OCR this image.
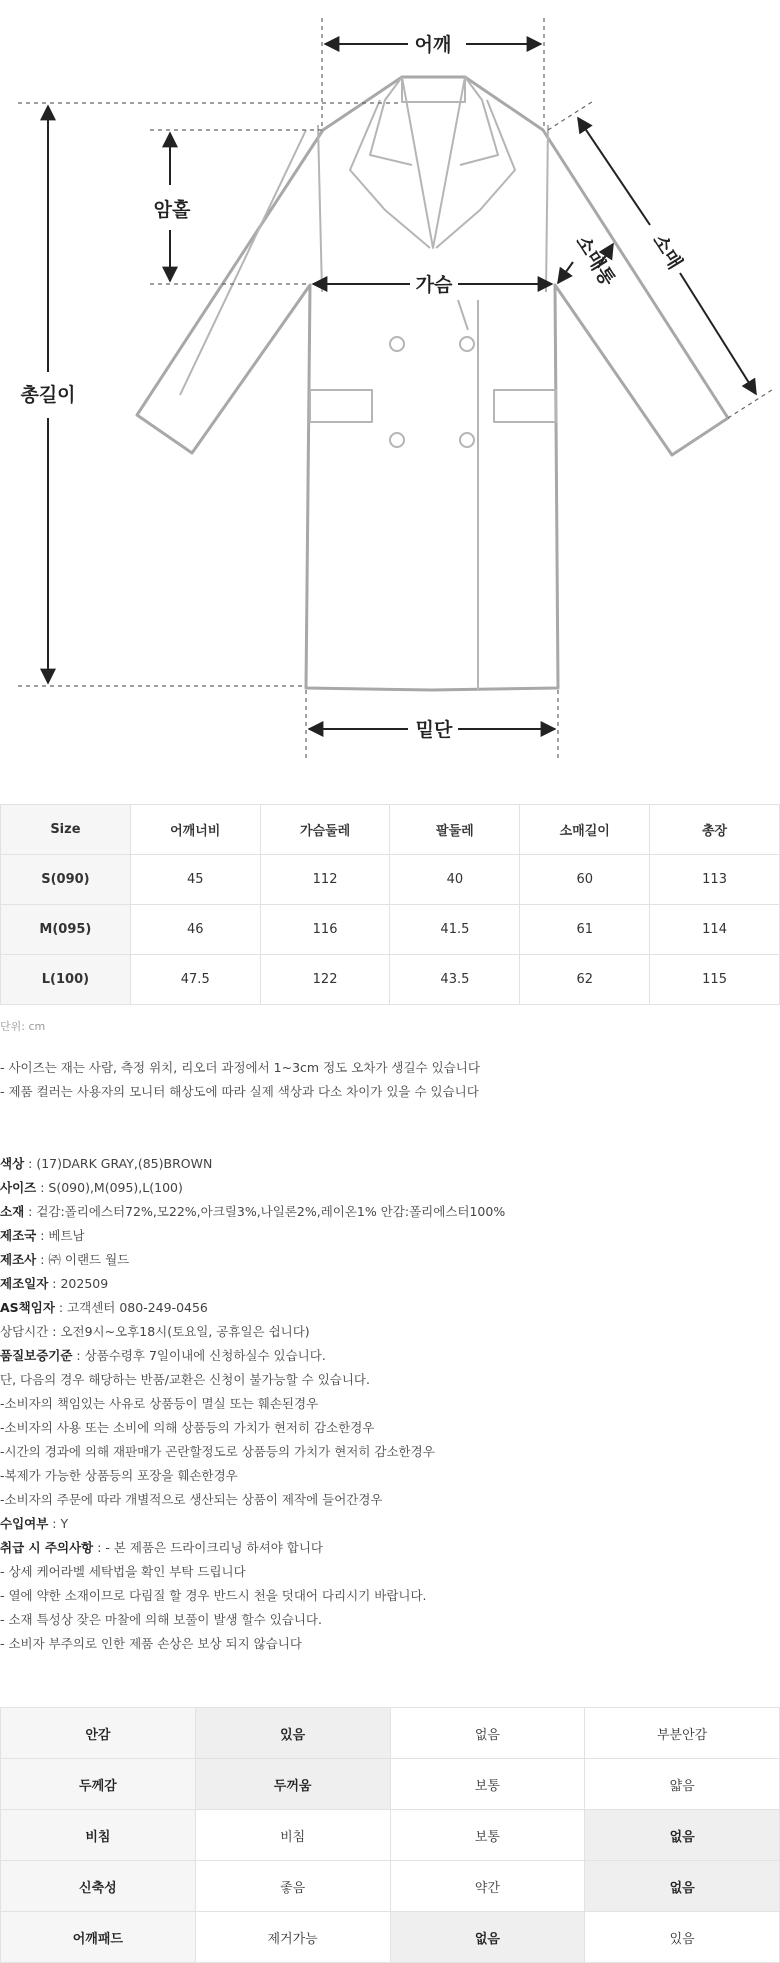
어깨
암홀
총길이
가슴	소매통 소매
밑단
Size	어깨너비	가슴둘레	팔둘레	소매길이	총장
S(090)	45	112	40	60	113
M(095)	46	116	41.5	61	114
L(100)	47.5	122	43.5	62	115
단위: cm
- 사이즈는 재는 사람, 측정 위치, 리오더 과정에서 1~3cm 정도 오차가 생길수 있습니다
- 제품 컬러는 사용자의 모니터 해상도에 따라 실제 색상과 다소 차이가 있을 수 있습니다
색상 : (17)DARK GRAY,(85)BROWN
사이즈 : S(090),M(095),L(100)
소재 : 겉감:폴리에스터72%,모22%,아크릴3%,나일론2%,레이온1% 안감:폴리에스터100%
제조국 : 베트남
제조사 : ㈜ 이랜드 월드
제조일자 : 202509
AS책임자 : 고객센터 080-249-0456
상담시간 : 오전9시~오후18시(토요일, 공휴일은 쉽니다)
품질보증기준 : 상품수령후 7일이내에 신청하실수 있습니다.
단, 다음의 경우 해당하는 반품/교환은 신청이 불가능할 수 있습니다.
-소비자의 책임있는 사유로 상품등이 멸실 또는 훼손된경우
-소비자의 사용 또는 소비에 의해 상품등의 가치가 현저히 감소한경우
-시간의 경과에 의해 재판매가 곤란할정도로 상품등의 가치가 현저히 감소한경우
-복제가 가능한 상품등의 포장을 훼손한경우
-소비자의 주문에 따라 개별적으로 생산되는 상품이 제작에 들어간경우
수입여부 : Y
취급 시 주의사항 : - 본 제품은 드라이크리닝 하셔야 합니다
- 상세 케어라벨 세탁법을 확인 부탁 드립니다
- 열에 약한 소재이므로 다림질 할 경우 반드시 천을 덧대어 다리시기 바랍니다.
- 소재 특성상 잦은 마찰에 의해 보풀이 발생 할수 있습니다.
- 소비자 부주의로 인한 제품 손상은 보상 되지 않습니다
안감	있음	없음	부분안감
두께감	두꺼움	보통	얇음
비침	비침	보통	없음
신축성	좋음	약간	없음
어깨패드	제거가능	없음	있음
